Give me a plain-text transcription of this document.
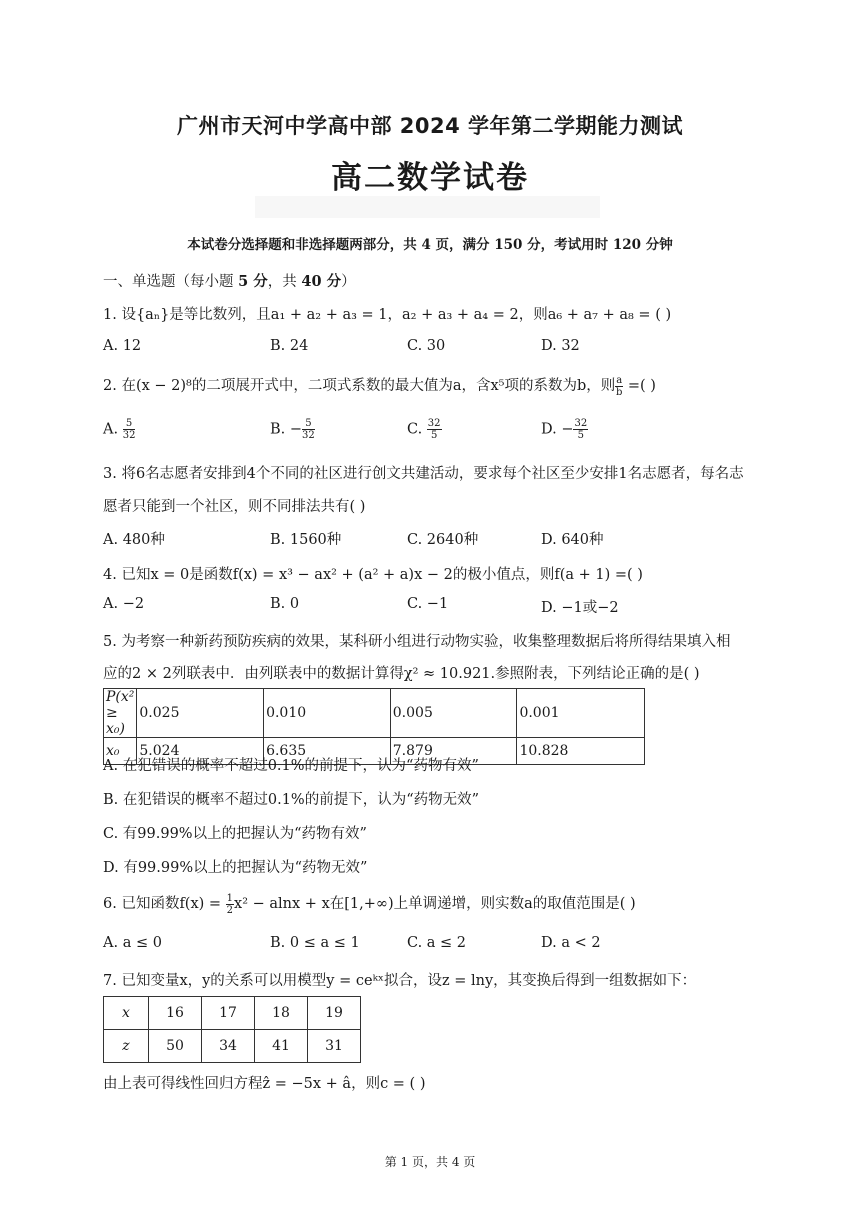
广州市天河中学高中部 2024 学年第二学期能力测试
高二数学试卷
本试卷分选择题和非选择题两部分，共 4 页，满分 150 分，考试用时 120 分钟
一、单选题（每小题 5 分，共 40 分）
1. 设{aₙ}是等比数列，且a₁ + a₂ + a₃ = 1，a₂ + a₃ + a₄ = 2，则a₆ + a₇ + a₈ = ( )
A. 12	B. 24	C. 30	D. 32
2. 在(x − 2)⁸的二项展开式中，二项式系数的最大值为a，含x⁵项的系数为b，则 $\frac{a}{b}$ =( )
A. $\frac{5}{32}$	B. − $\frac{5}{32}$	C. $\frac{32}{5}$	D. − $\frac{32}{5}$
3. 将6名志愿者安排到4个不同的社区进行创文共建活动，要求每个社区至少安排1名志愿者，每名志
愿者只能到一个社区，则不同排法共有( )
A. 480种	B. 1560种	C. 2640种	D. 640种
4. 已知x = 0是函数f(x) = x³ − ax² + (a² + a)x − 2的极小值点，则f(a + 1) =( )
A. −2	B. 0	C. −1	D. −1或−2
5. 为考察一种新药预防疾病的效果，某科研小组进行动物实验，收集整理数据后将所得结果填入相
应的2 × 2列联表中．由列联表中的数据计算得χ² ≈ 10.921.参照附表，下列结论正确的是( )
P(x² ≥ x₀)	0.025	0.010	0.005	0.001
x₀	5.024	6.635	7.879	10.828
A. 在犯错误的概率不超过0.1%的前提下，认为“药物有效”
B. 在犯错误的概率不超过0.1%的前提下，认为“药物无效”
C. 有99.99%以上的把握认为“药物有效”
D. 有99.99%以上的把握认为“药物无效”
6. 已知函数$f(x) = \frac{1}{2} x^2 - alnx + x$在[1,+∞)上单调递增，则实数a的取值范围是( )
A. a ≤ 0	B. 0 ≤ a ≤ 1	C. a ≤ 2	D. a < 2
7. 已知变量x，y的关系可以用模型y = ceᵏˣ拟合，设z = lny，其变换后得到一组数据如下：
x	16	17	18	19
z	50	34	41	31
由上表可得线性回归方程ẑ = −5x + â，则c = ( )
第 1 页，共 4 页
